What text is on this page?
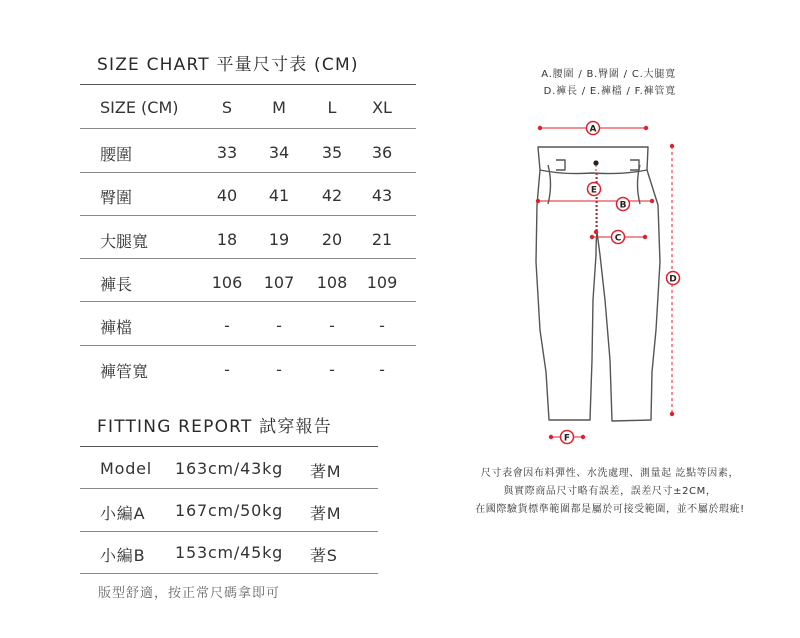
SIZE CHART 平量尺寸表 (CM)
SIZE (CM)	S	M	L	XL
腰圍	33	34	35	36
臀圍	40	41	42	43
大腿寬	18	19	20	21
褲長	106 107 108 109
褲檔	-	-	-	-
褲管寬	-	-	-	-
FITTING REPORT 試穿報告
Model 163cm/43kg 著M
小編A 167cm/50kg 著M
小編B 153cm/45kg 著S
版型舒適，按正常尺碼拿即可
A.腰圍 / B.臀圍 / C.大腿寬
D.褲長 / E.褲檔 / F.褲管寬
A
E
B
C
D
F
尺寸表會因布料彈性、水洗處理、測量起 訖點等因素，
與實際商品尺寸略有誤差，誤差尺寸±2CM，
在國際驗貨標準範圍都是屬於可接受範圍，並不屬於瑕疵!
